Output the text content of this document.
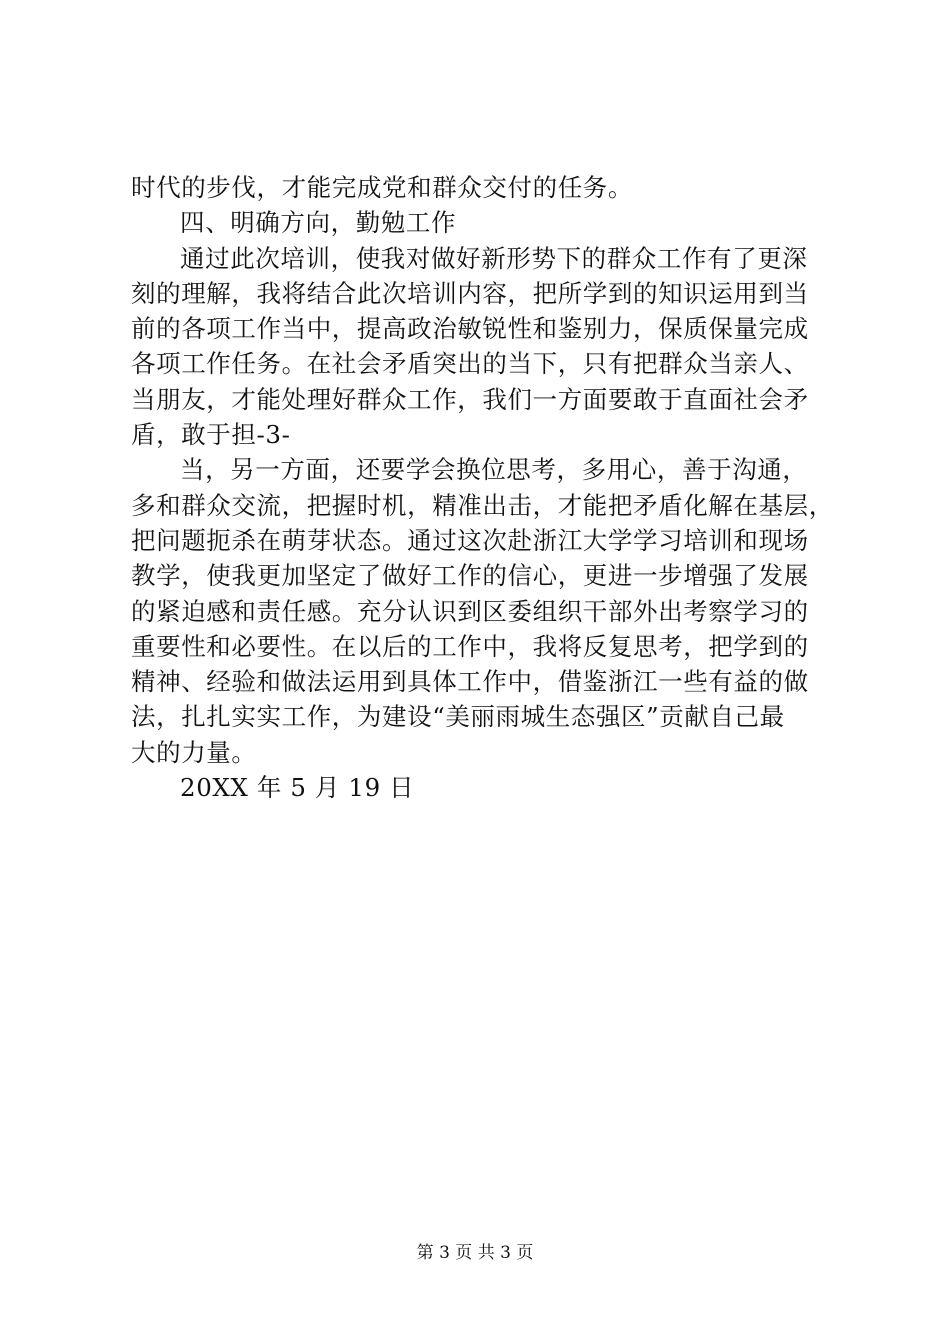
时代的步伐，才能完成党和群众交付的任务。
四、明确方向，勤勉工作
通过此次培训，使我对做好新形势下的群众工作有了更深
刻的理解，我将结合此次培训内容，把所学到的知识运用到当
前的各项工作当中，提高政治敏锐性和鉴别力，保质保量完成
各项工作任务。在社会矛盾突出的当下，只有把群众当亲人、
当朋友，才能处理好群众工作，我们一方面要敢于直面社会矛
盾，敢于担-3-
当，另一方面，还要学会换位思考，多用心，善于沟通，
多和群众交流，把握时机，精准出击，才能把矛盾化解在基层，
把问题扼杀在萌芽状态。通过这次赴浙江大学学习培训和现场
教学，使我更加坚定了做好工作的信心，更进一步增强了发展
的紧迫感和责任感。充分认识到区委组织干部外出考察学习的
重要性和必要性。在以后的工作中，我将反复思考，把学到的
精神、经验和做法运用到具体工作中，借鉴浙江一些有益的做
法，扎扎实实工作，为建设“美丽雨城生态强区”贡献自己最
大的力量。
20XX 年 5 月 19 日
第 3 页 共 3 页
